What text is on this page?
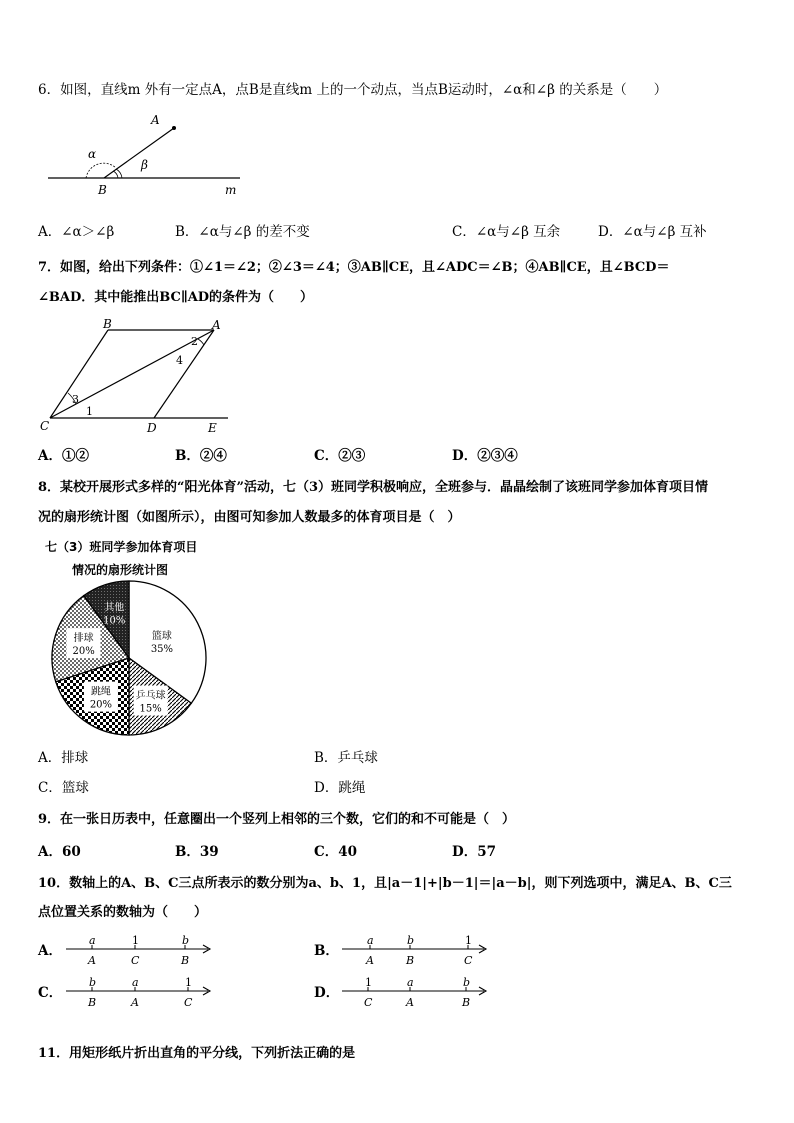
6．如图，直线m 外有一定点A，点B是直线m 上的一个动点，当点B运动时，∠α和∠β 的关系是（　　）
A
B	m
α
β
A．∠α＞∠β	B．∠α与∠β 的差不变	C．∠α与∠β 互余	D．∠α与∠β 互补
7．如图，给出下列条件：①∠1＝∠2；②∠3＝∠4；③AB∥CE，且∠ADC＝∠B；④AB∥CE，且∠BCD＝
∠BAD．其中能推出BC∥AD的条件为（　　）
B	A
C	D	E
1
2
3
4
A．①②	B．②④	C．②③	D．②③④
8．某校开展形式多样的“阳光体育”活动，七（3）班同学积极响应，全班参与．晶晶绘制了该班同学参加体育项目情
况的扇形统计图（如图所示），由图可知参加人数最多的体育项目是（　）
七（3）班同学参加体育项目
情况的扇形统计图
篮球
35%
乒乓球
15%
跳绳
20%
排球
20%
其他
10%
A．排球	B．乒乓球
C．篮球	D．跳绳
9．在一张日历表中，任意圈出一个竖列上相邻的三个数，它们的和不可能是（　）
A．60	B．39	C．40	D．57
10．数轴上的A、B、C三点所表示的数分别为a、b、1，且|a－1|+|b－1|＝|a－b|，则下列选项中，满足A、B、C三
点位置关系的数轴为（　　）
A．
a	1	b
A	C	B
B．
a	b	1
A	B	C
C．
b	a	1
B	A	C
D．
1	a	b
C	A	B
11．用矩形纸片折出直角的平分线，下列折法正确的是
